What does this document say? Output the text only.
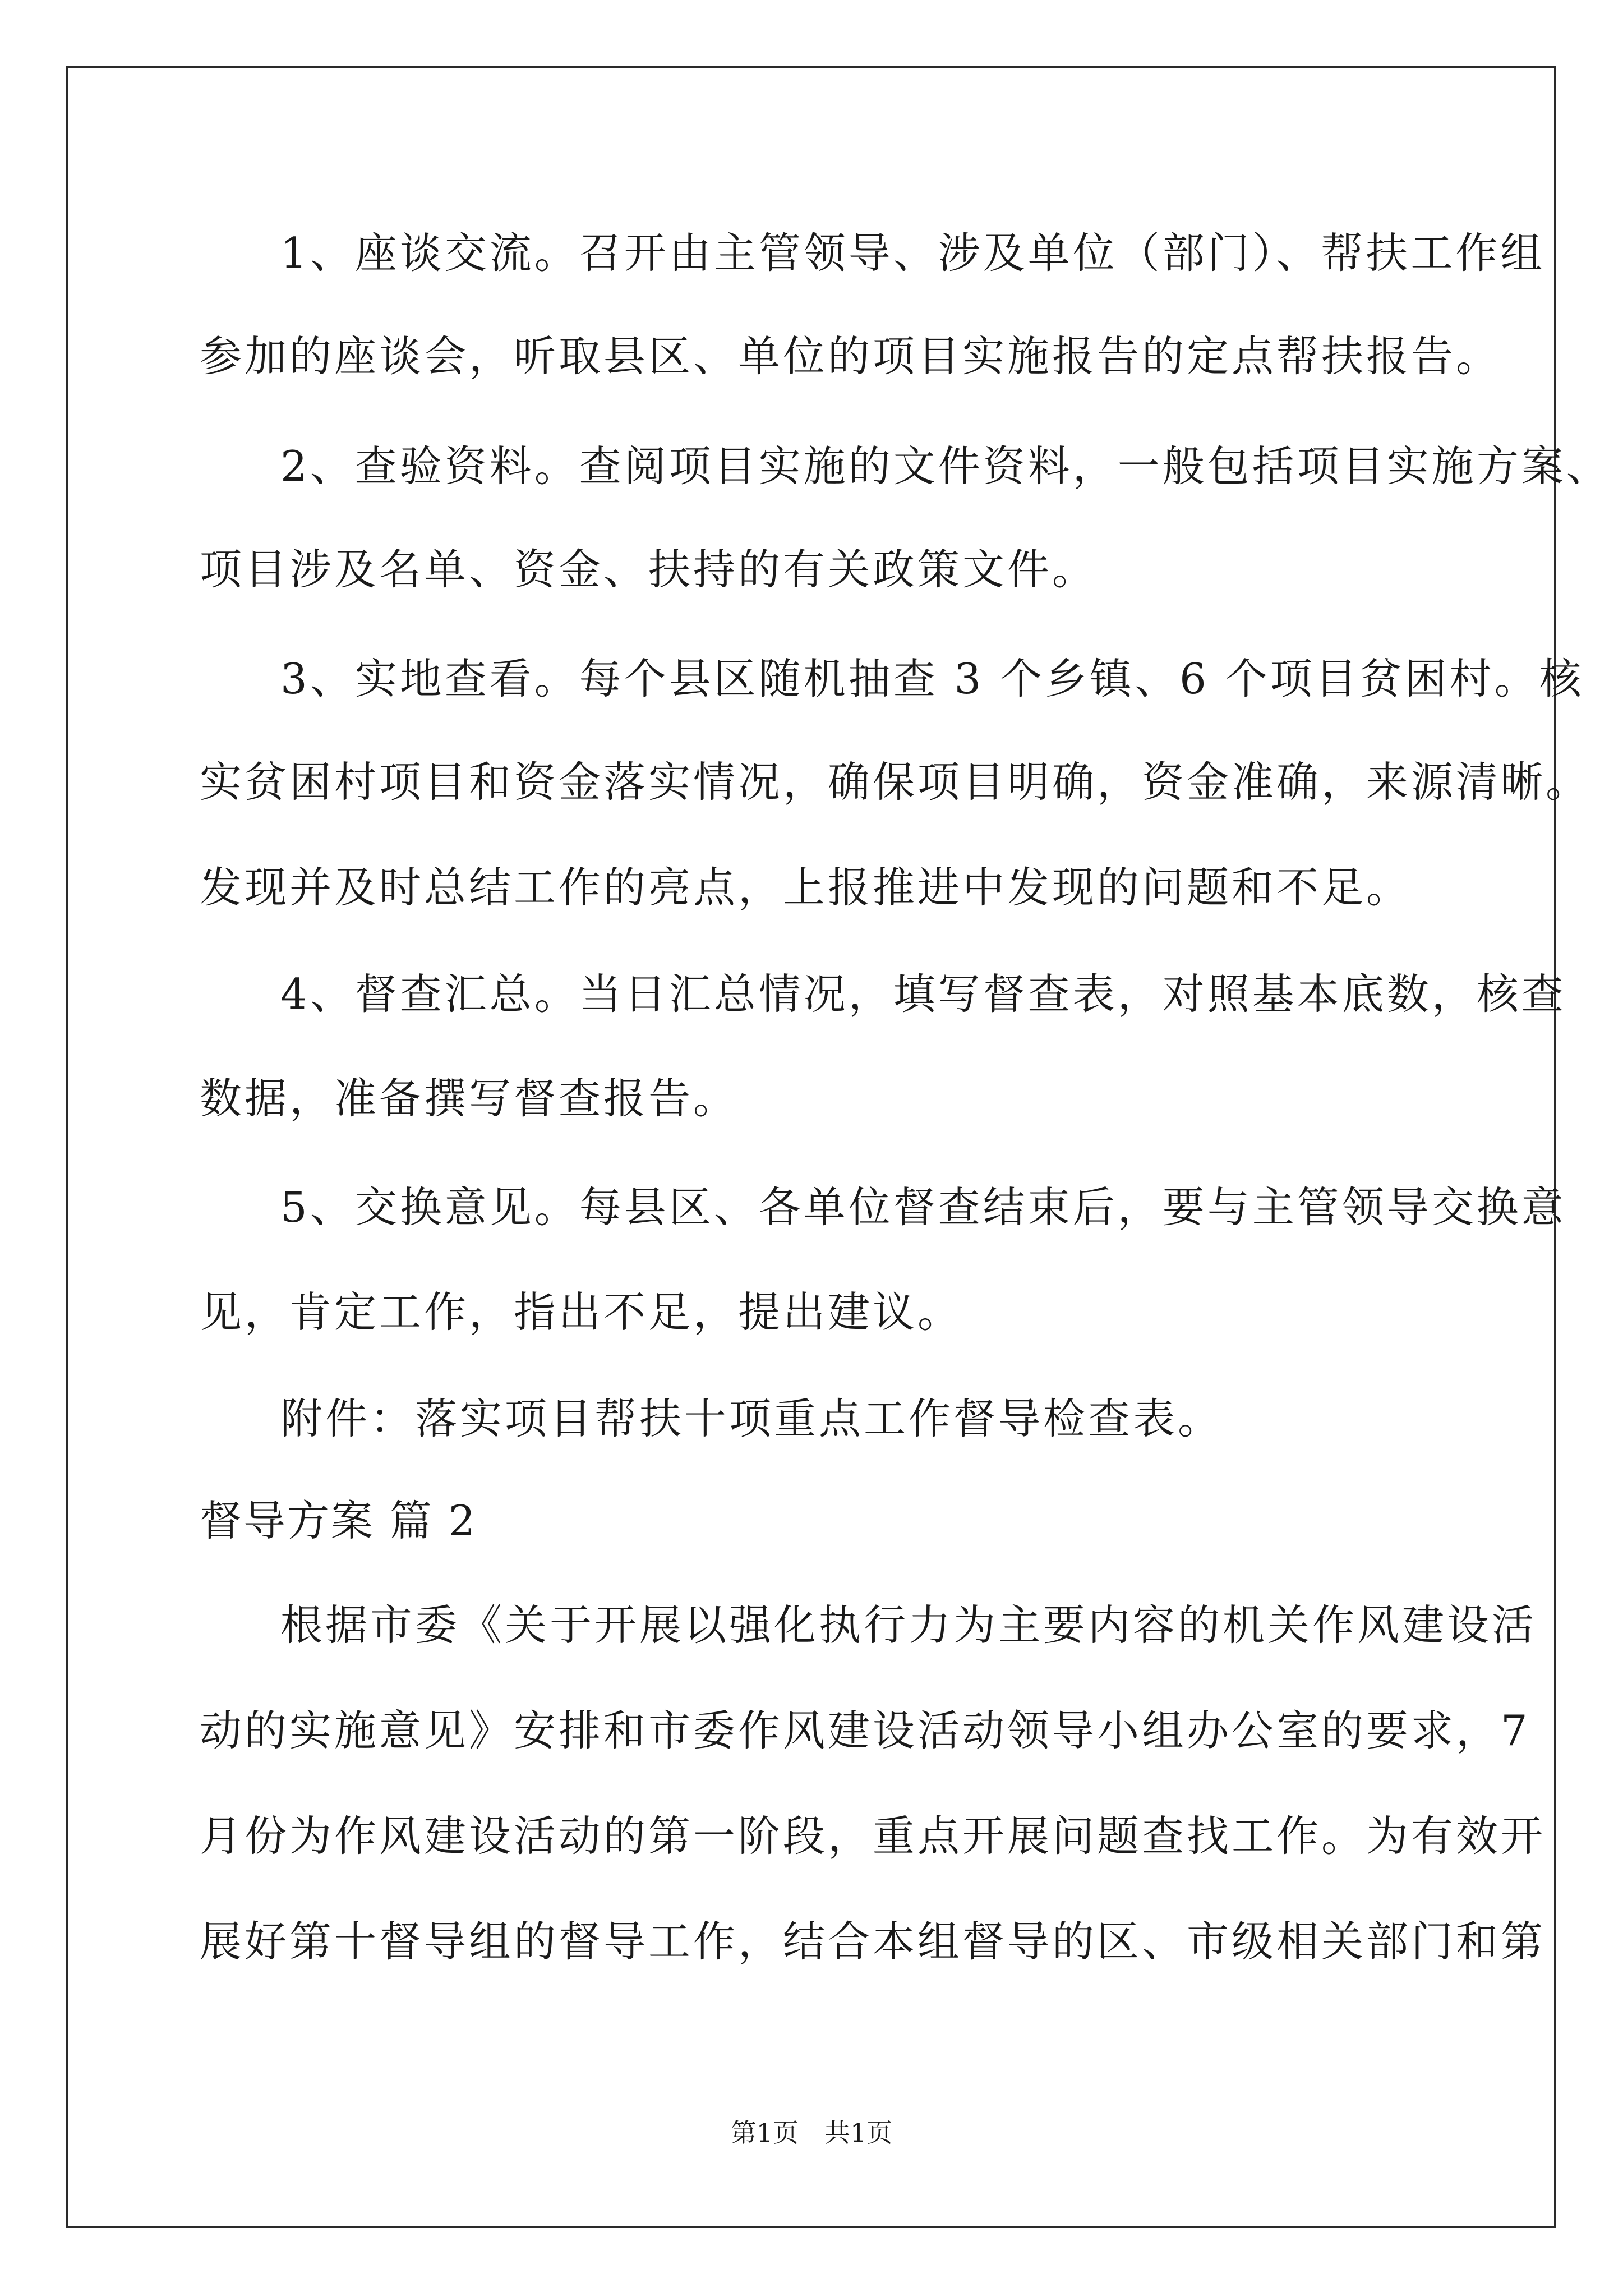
1、座谈交流。召开由主管领导、涉及单位（部门）、帮扶工作组
参加的座谈会，听取县区、单位的项目实施报告的定点帮扶报告。
2、查验资料。查阅项目实施的文件资料，一般包括项目实施方案、
项目涉及名单、资金、扶持的有关政策文件。
3、实地查看。每个县区随机抽查 3 个乡镇、6 个项目贫困村。核
实贫困村项目和资金落实情况，确保项目明确，资金准确，来源清晰。
发现并及时总结工作的亮点，上报推进中发现的问题和不足。
4、督查汇总。当日汇总情况，填写督查表，对照基本底数，核查
数据，准备撰写督查报告。
5、交换意见。每县区、各单位督查结束后，要与主管领导交换意
见，肯定工作，指出不足，提出建议。
附件：落实项目帮扶十项重点工作督导检查表。
督导方案 篇 2
根据市委《关于开展以强化执行力为主要内容的机关作风建设活
动的实施意见》安排和市委作风建设活动领导小组办公室的要求，7
月份为作风建设活动的第一阶段，重点开展问题查找工作。为有效开
展好第十督导组的督导工作，结合本组督导的区、市级相关部门和第
第1页　共1页
